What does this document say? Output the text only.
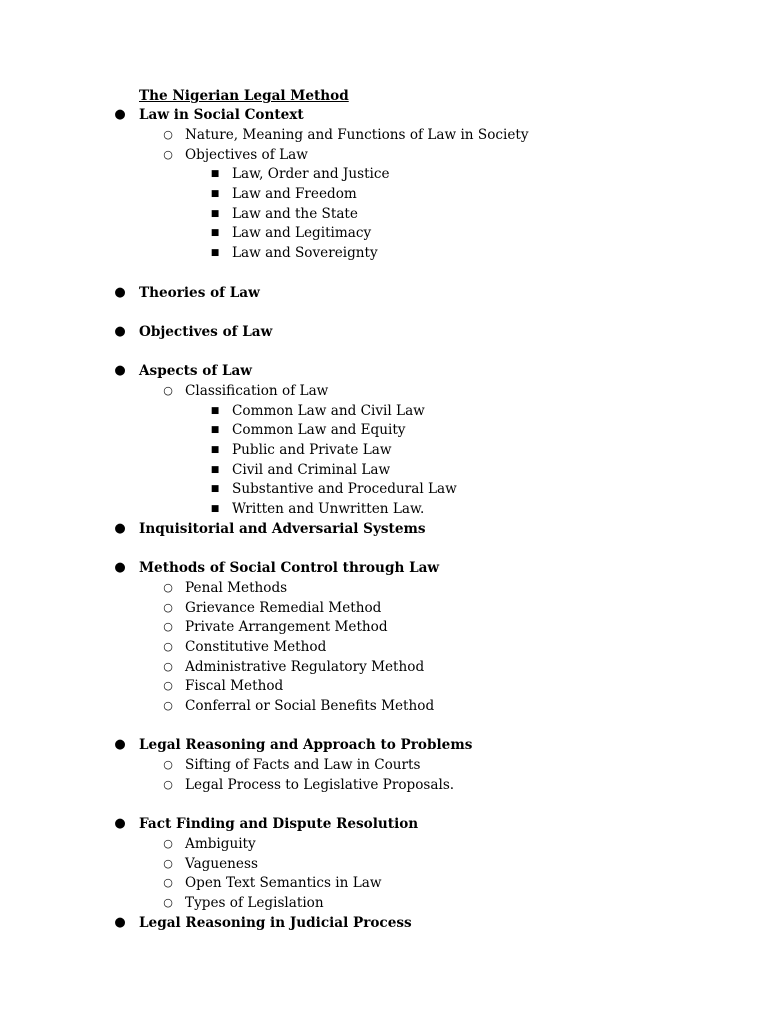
The Nigerian Legal Method
● Law in Social Context
○ Nature, Meaning and Functions of Law in Society
○ Objectives of Law
■ Law, Order and Justice
■ Law and Freedom
■ Law and the State
■ Law and Legitimacy
■ Law and Sovereignty
● Theories of Law
● Objectives of Law
● Aspects of Law
○ Classification of Law
■ Common Law and Civil Law
■ Common Law and Equity
■ Public and Private Law
■ Civil and Criminal Law
■ Substantive and Procedural Law
■ Written and Unwritten Law.
● Inquisitorial and Adversarial Systems
● Methods of Social Control through Law
○ Penal Methods
○ Grievance Remedial Method
○ Private Arrangement Method
○ Constitutive Method
○ Administrative Regulatory Method
○ Fiscal Method
○ Conferral or Social Benefits Method
● Legal Reasoning and Approach to Problems
○ Sifting of Facts and Law in Courts
○ Legal Process to Legislative Proposals.
● Fact Finding and Dispute Resolution
○ Ambiguity
○ Vagueness
○ Open Text Semantics in Law
○ Types of Legislation
● Legal Reasoning in Judicial Process
